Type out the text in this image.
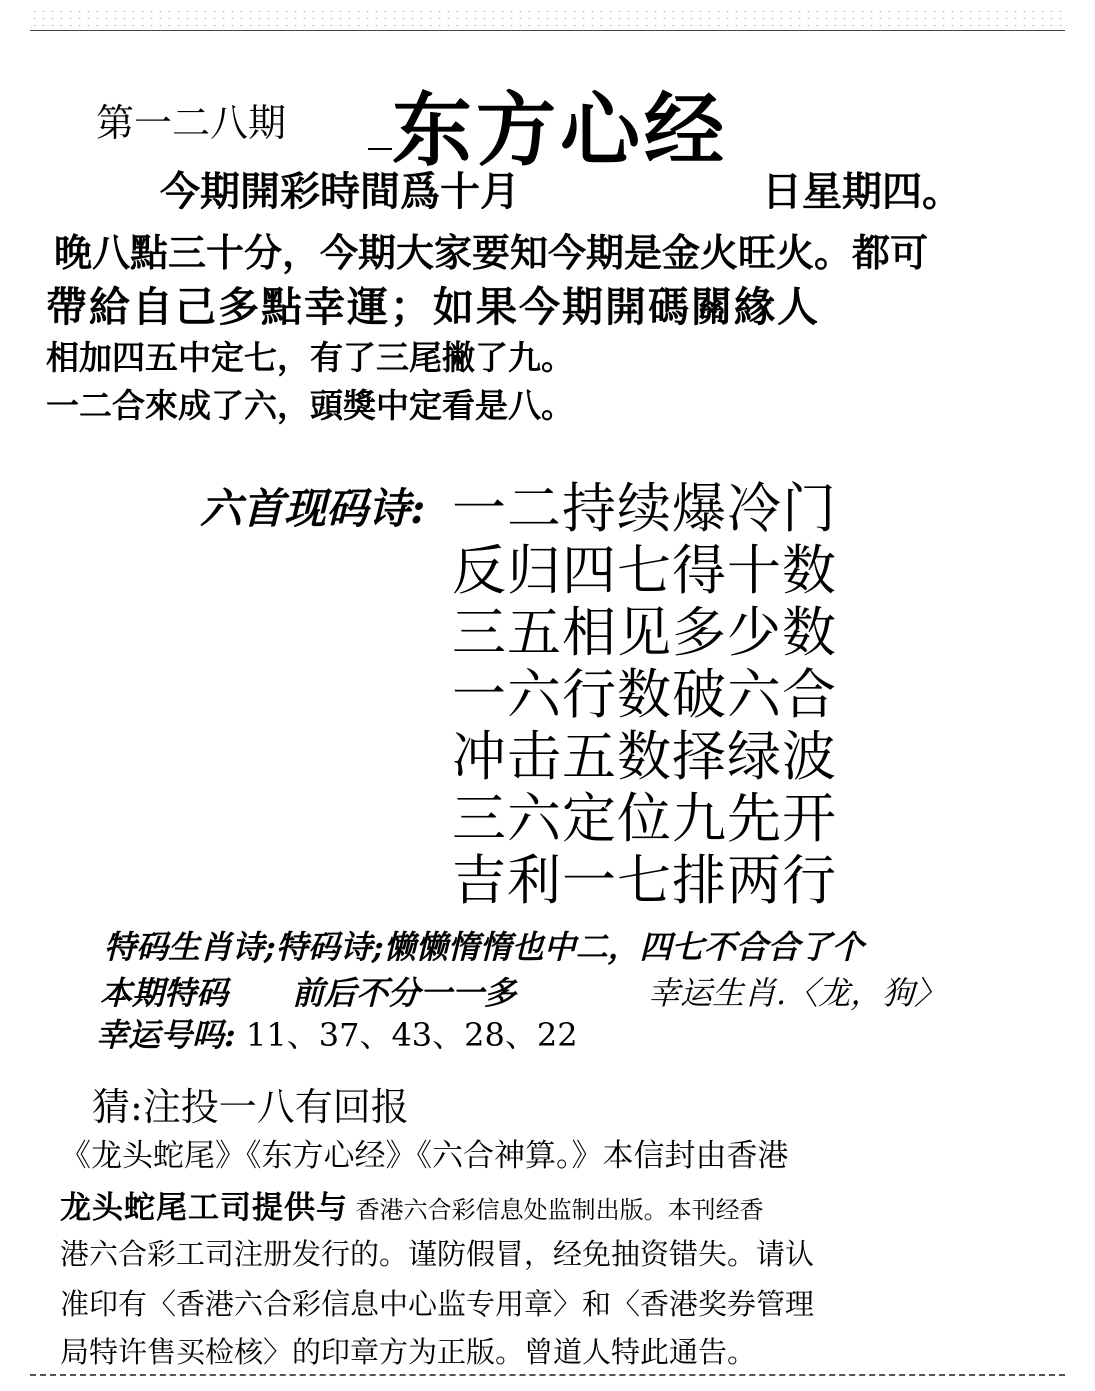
第一二八期 东方心经
今期開彩時間爲十月	日星期四。
晚八點三十分，今期大家要知今期是金火旺火。都可
帶給自己多點幸運；如果今期開碼關緣人
相加四五中定七，有了三尾撇了九。
一二合來成了六，頭獎中定看是八。
六首现码诗: 一二持续爆冷门
反归四七得十数
三五相见多少数
一六行数破六合
冲击五数择绿波
三六定位九先开
吉利一七排两行
特码生肖诗;特码诗;懒懒惰惰也中二，四七不合合了个
本期特码 前后不分一一多	幸运生肖.〈龙，狗〉
幸运号吗: 11、37、43、28、22
猜:注投一八有回报
《龙头蛇尾》《东方心经》《六合神算。》本信封由香港
龙头蛇尾工司提供与 香港六合彩信息处监制出版。本刊经香
港六合彩工司注册发行的。谨防假冒，经免抽资错失。请认
准印有〈香港六合彩信息中心监专用章〉和〈香港奖券管理
局特许售买检核〉的印章方为正版。曾道人特此通告。
